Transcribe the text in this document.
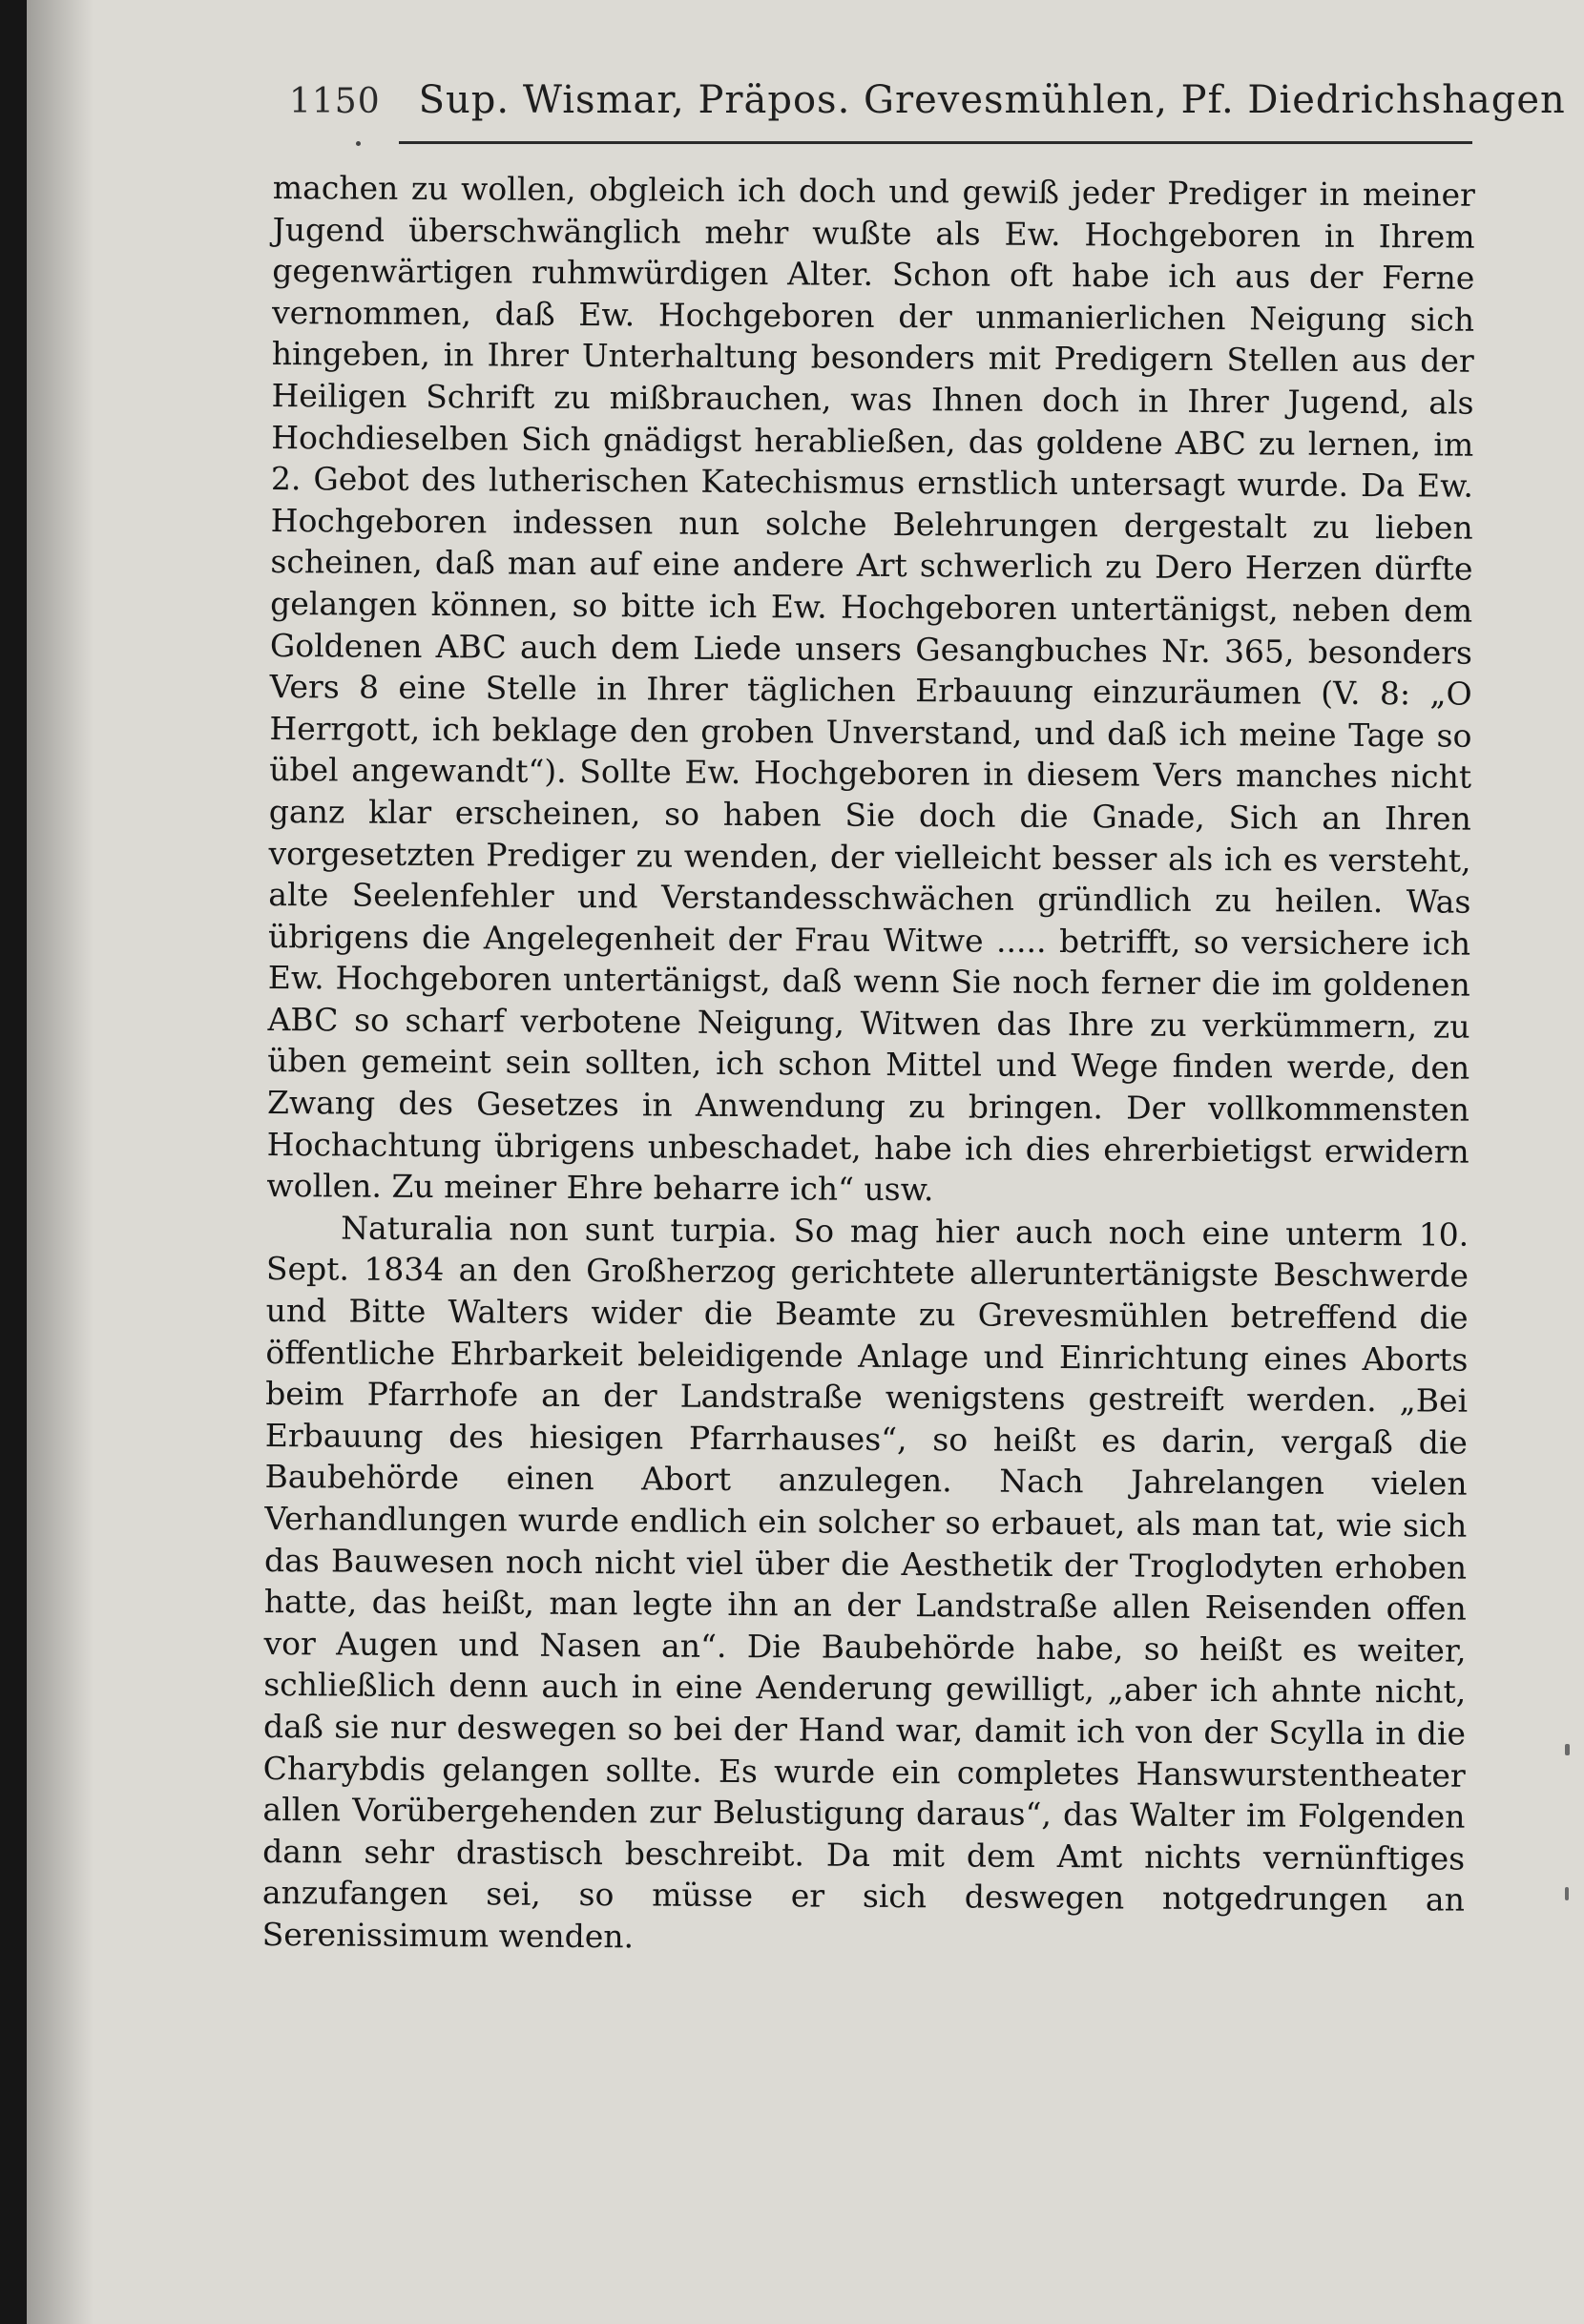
1150 Sup. Wismar, Präpos. Grevesmühlen, Pf. Diedrichshagen

machen zu wollen, obgleich ich doch und gewiß jeder Prediger in meiner Jugend überschwänglich mehr wußte als Ew. Hochgeboren in Ihrem gegenwärtigen ruhmwürdigen Alter. Schon oft habe ich aus der Ferne vernommen, daß Ew. Hochgeboren der unmanierlichen Neigung sich hingeben, in Ihrer Unterhaltung besonders mit Predigern Stellen aus der Heiligen Schrift zu mißbrauchen, was Ihnen doch in Ihrer Jugend, als Hochdieselben Sich gnädigst herabließen, das goldene ABC zu lernen, im 2. Gebot des lutherischen Katechismus ernstlich untersagt wurde. Da Ew. Hochgeboren indessen nun solche Belehrungen dergestalt zu lieben scheinen, daß man auf eine andere Art schwerlich zu Dero Herzen dürfte gelangen können, so bitte ich Ew. Hochgeboren untertänigst, neben dem Goldenen ABC auch dem Liede unsers Gesangbuches Nr. 365, besonders Vers 8 eine Stelle in Ihrer täglichen Erbauung einzuräumen (V. 8: „O Herrgott, ich beklage den groben Unverstand, und daß ich meine Tage so übel angewandt“). Sollte Ew. Hochgeboren in diesem Vers manches nicht ganz klar erscheinen, so haben Sie doch die Gnade, Sich an Ihren vorgesetzten Prediger zu wenden, der vielleicht besser als ich es versteht, alte Seelenfehler und Verstandesschwächen gründlich zu heilen. Was übrigens die Angelegenheit der Frau Witwe ..... betrifft, so versichere ich Ew. Hochgeboren untertänigst, daß wenn Sie noch ferner die im goldenen ABC so scharf verbotene Neigung, Witwen das Ihre zu verkümmern, zu üben gemeint sein sollten, ich schon Mittel und Wege finden werde, den Zwang des Gesetzes in Anwendung zu bringen. Der vollkommensten Hochachtung übrigens unbeschadet, habe ich dies ehrerbietigst erwidern wollen. Zu meiner Ehre beharre ich“ usw.

Naturalia non sunt turpia. So mag hier auch noch eine unterm 10. Sept. 1834 an den Großherzog gerichtete alleruntertänigste Beschwerde und Bitte Walters wider die Beamte zu Grevesmühlen betreffend die öffentliche Ehrbarkeit beleidigende Anlage und Einrichtung eines Aborts beim Pfarrhofe an der Landstraße wenigstens gestreift werden. „Bei Erbauung des hiesigen Pfarrhauses“, so heißt es darin, vergaß die Baubehörde einen Abort anzulegen. Nach Jahrelangen vielen Verhandlungen wurde endlich ein solcher so erbauet, als man tat, wie sich das Bauwesen noch nicht viel über die Aesthetik der Troglodyten erhoben hatte, das heißt, man legte ihn an der Landstraße allen Reisenden offen vor Augen und Nasen an“. Die Baubehörde habe, so heißt es weiter, schließlich denn auch in eine Aenderung gewilligt, „aber ich ahnte nicht, daß sie nur deswegen so bei der Hand war, damit ich von der Scylla in die Charybdis gelangen sollte. Es wurde ein completes Hanswurstentheater allen Vorübergehenden zur Belustigung daraus“, das Walter im Folgenden dann sehr drastisch beschreibt. Da mit dem Amt nichts vernünftiges anzufangen sei, so müsse er sich deswegen notgedrungen an Serenissimum wenden.
